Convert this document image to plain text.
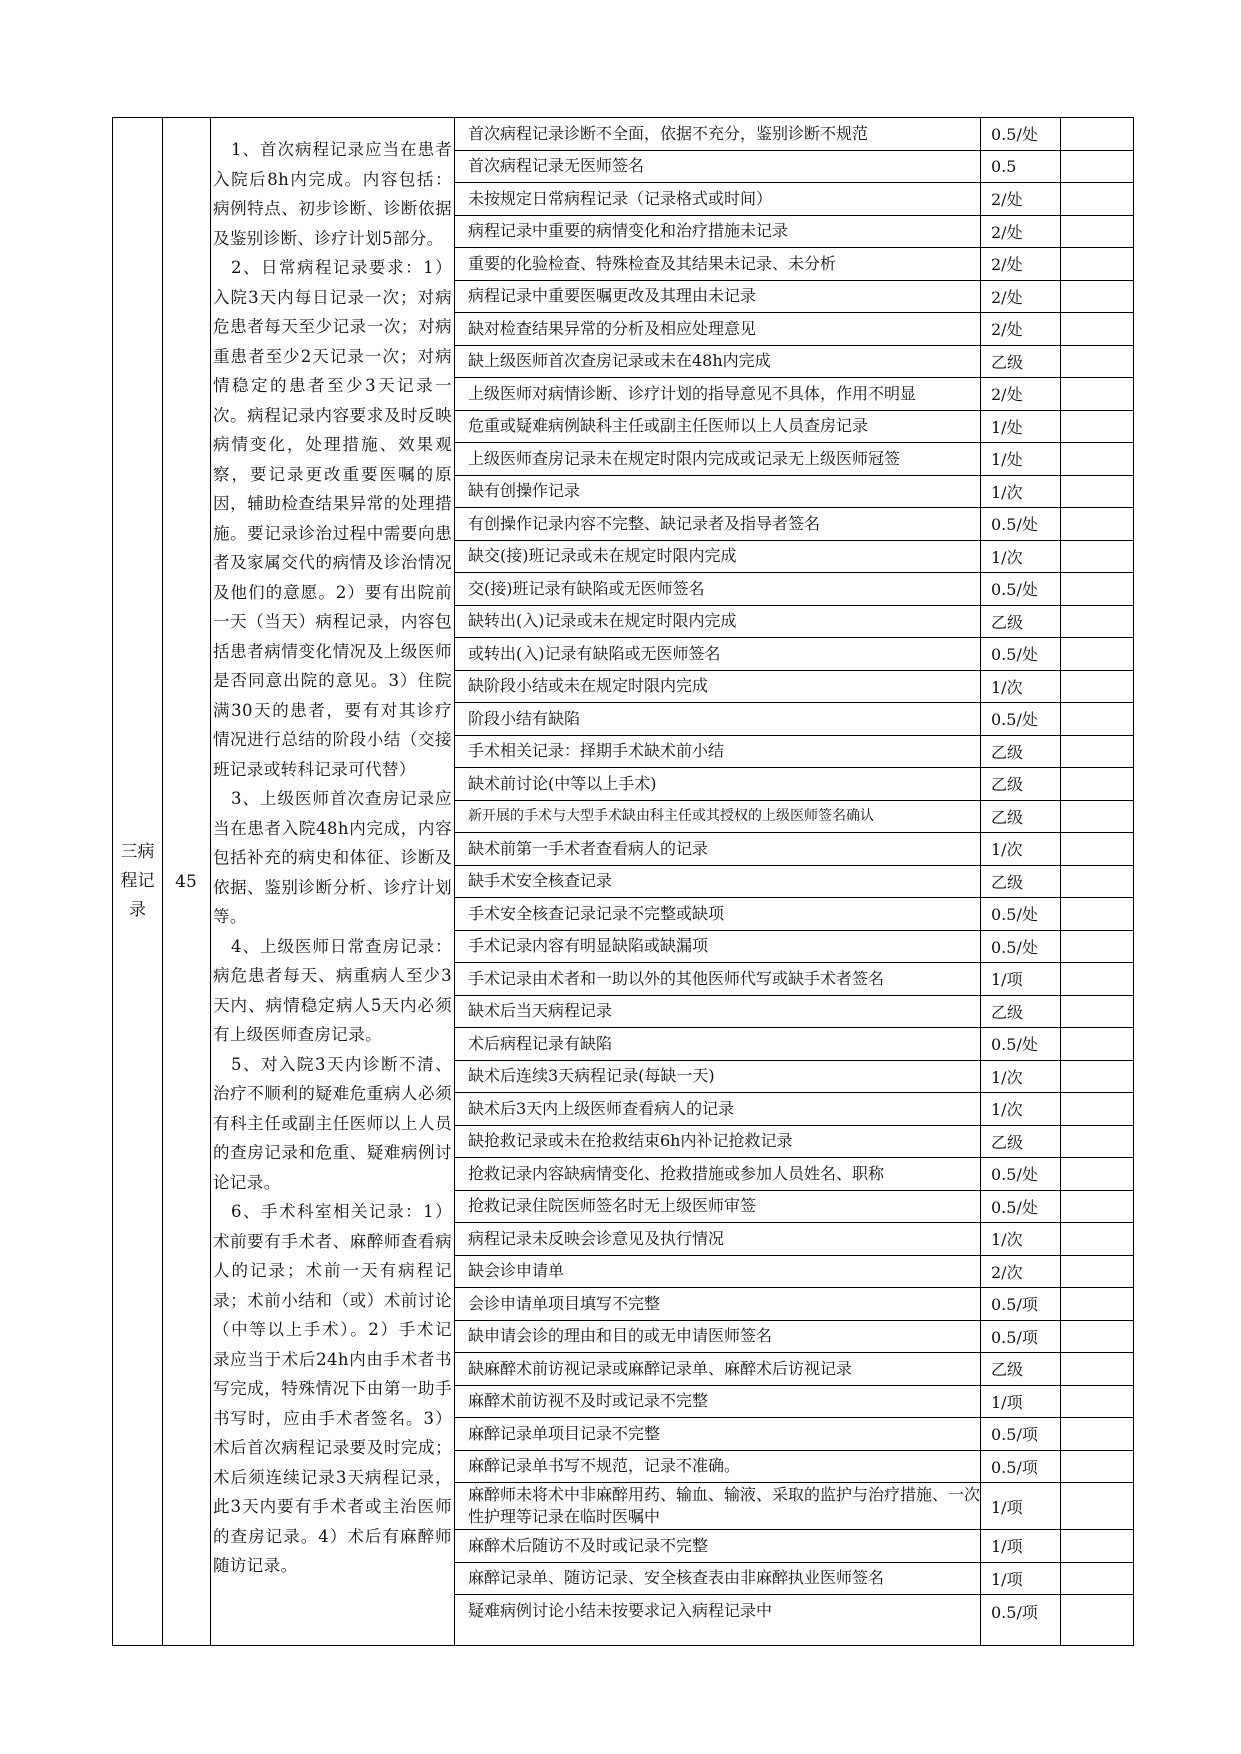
三病程记录
45
1、首次病程记录应当在患者入院后8h内完成。内容包括：病例特点、初步诊断、诊断依据及鉴别诊断、诊疗计划5部分。
2、日常病程记录要求：1）入院3天内每日记录一次；对病危患者每天至少记录一次；对病重患者至少2天记录一次；对病情稳定的患者至少3天记录一次。病程记录内容要求及时反映病情变化，处理措施、效果观察，要记录更改重要医嘱的原因，辅助检查结果异常的处理措施。要记录诊治过程中需要向患者及家属交代的病情及诊治情况及他们的意愿。2）要有出院前一天（当天）病程记录，内容包括患者病情变化情况及上级医师是否同意出院的意见。3）住院满30天的患者，要有对其诊疗情况进行总结的阶段小结（交接班记录或转科记录可代替）
3、上级医师首次查房记录应当在患者入院48h内完成，内容包括补充的病史和体征、诊断及依据、鉴别诊断分析、诊疗计划等。
4、上级医师日常查房记录：病危患者每天、病重病人至少3天内、病情稳定病人5天内必须有上级医师查房记录。
5、对入院3天内诊断不清、治疗不顺利的疑难危重病人必须有科主任或副主任医师以上人员的查房记录和危重、疑难病例讨论记录。
6、手术科室相关记录：1）术前要有手术者、麻醉师查看病人的记录；术前一天有病程记录；术前小结和（或）术前讨论（中等以上手术）。2）手术记录应当于术后24h内由手术者书写完成，特殊情况下由第一助手书写时，应由手术者签名。3）术后首次病程记录要及时完成；术后须连续记录3天病程记录，此3天内要有手术者或主治医师的查房记录。4）术后有麻醉师随访记录。
首次病程记录诊断不全面，依据不充分，鉴别诊断不规范	0.5/处
首次病程记录无医师签名	0.5
未按规定日常病程记录（记录格式或时间）	2/处
病程记录中重要的病情变化和治疗措施未记录	2/处
重要的化验检查、特殊检查及其结果未记录、未分析	2/处
病程记录中重要医嘱更改及其理由未记录	2/处
缺对检查结果异常的分析及相应处理意见	2/处
缺上级医师首次查房记录或未在48h内完成	乙级
上级医师对病情诊断、诊疗计划的指导意见不具体，作用不明显	2/处
危重或疑难病例缺科主任或副主任医师以上人员查房记录	1/处
上级医师查房记录未在规定时限内完成或记录无上级医师冠签	1/处
缺有创操作记录	1/次
有创操作记录内容不完整、缺记录者及指导者签名	0.5/处
缺交(接)班记录或未在规定时限内完成	1/次
交(接)班记录有缺陷或无医师签名	0.5/处
缺转出(入)记录或未在规定时限内完成	乙级
或转出(入)记录有缺陷或无医师签名	0.5/处
缺阶段小结或未在规定时限内完成	1/次
阶段小结有缺陷	0.5/处
手术相关记录：择期手术缺术前小结	乙级
缺术前讨论(中等以上手术)	乙级
新开展的手术与大型手术缺由科主任或其授权的上级医师签名确认	乙级
缺术前第一手术者查看病人的记录	1/次
缺手术安全核查记录	乙级
手术安全核查记录记录不完整或缺项	0.5/处
手术记录内容有明显缺陷或缺漏项	0.5/处
手术记录由术者和一助以外的其他医师代写或缺手术者签名	1/项
缺术后当天病程记录	乙级
术后病程记录有缺陷	0.5/处
缺术后连续3天病程记录(每缺一天)	1/次
缺术后3天内上级医师查看病人的记录	1/次
缺抢救记录或未在抢救结束6h内补记抢救记录	乙级
抢救记录内容缺病情变化、抢救措施或参加人员姓名、职称	0.5/处
抢救记录住院医师签名时无上级医师审签	0.5/处
病程记录未反映会诊意见及执行情况	1/次
缺会诊申请单	2/次
会诊申请单项目填写不完整	0.5/项
缺申请会诊的理由和目的或无申请医师签名	0.5/项
缺麻醉术前访视记录或麻醉记录单、麻醉术后访视记录	乙级
麻醉术前访视不及时或记录不完整	1/项
麻醉记录单项目记录不完整	0.5/项
麻醉记录单书写不规范，记录不准确。	0.5/项
麻醉师未将术中非麻醉用药、输血、输液、采取的监护与治疗措施、一次性护理等记录在临时医嘱中	1/项
麻醉术后随访不及时或记录不完整	1/项
麻醉记录单、随访记录、安全核查表由非麻醉执业医师签名	1/项
疑难病例讨论小结未按要求记入病程记录中	0.5/项
